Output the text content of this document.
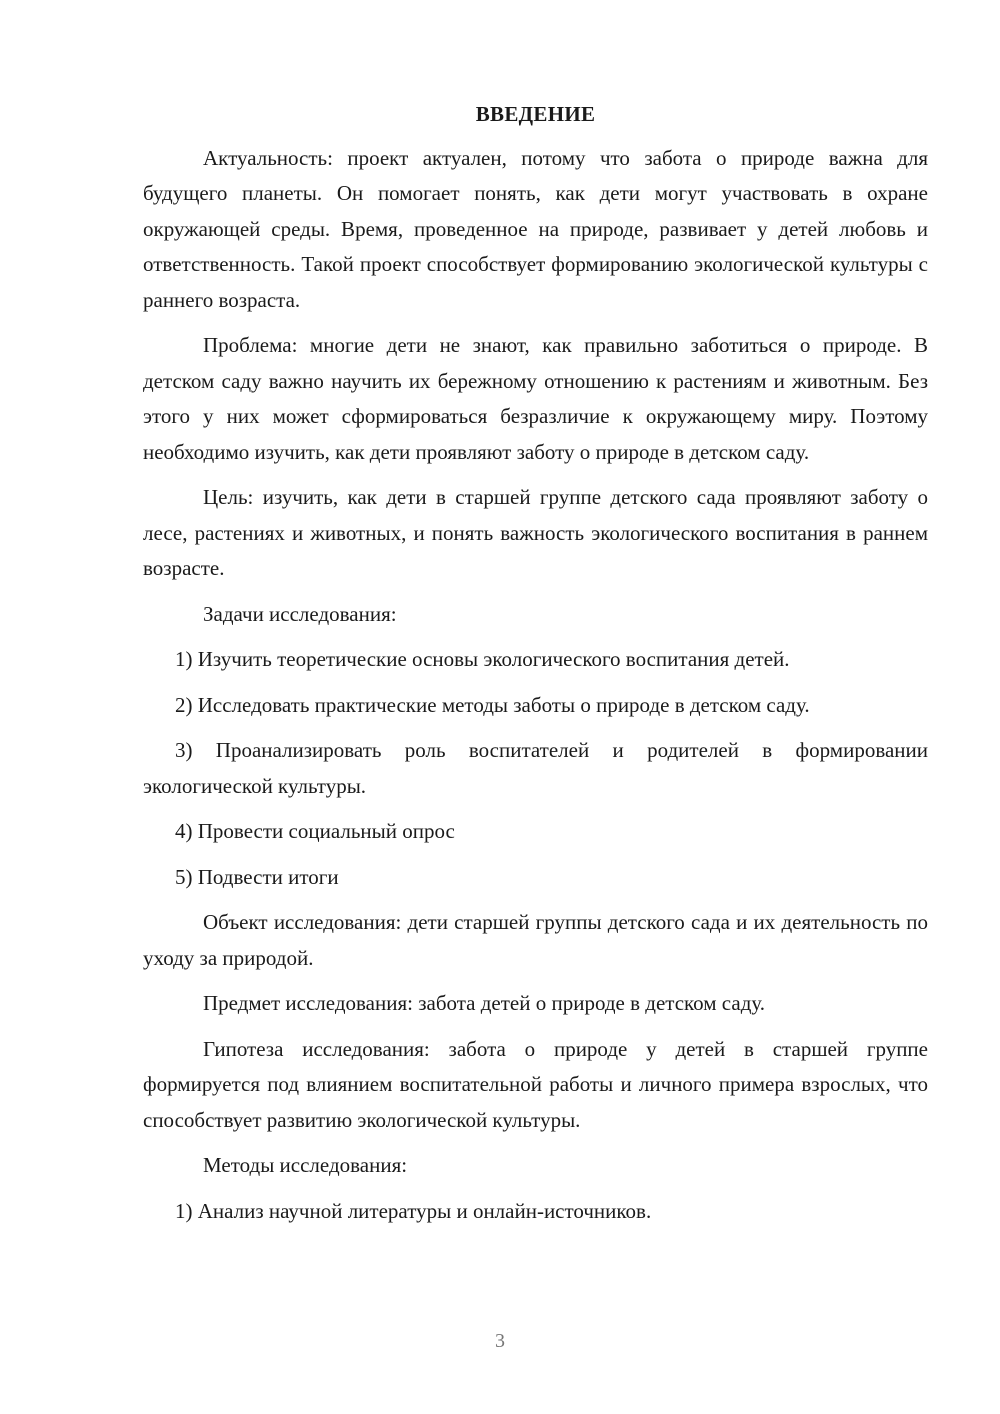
ВВЕДЕНИЕ

Актуальность: проект актуален, потому что забота о природе важна для будущего планеты. Он помогает понять, как дети могут участвовать в охране окружающей среды. Время, проведенное на природе, развивает у детей любовь и ответственность. Такой проект способствует формированию экологической культуры с раннего возраста.

Проблема: многие дети не знают, как правильно заботиться о природе. В детском саду важно научить их бережному отношению к растениям и животным. Без этого у них может сформироваться безразличие к окружающему миру. Поэтому необходимо изучить, как дети проявляют заботу о природе в детском саду.

Цель: изучить, как дети в старшей группе детского сада проявляют заботу о лесе, растениях и животных, и понять важность экологического воспитания в раннем возрасте.

Задачи исследования:

1) Изучить теоретические основы экологического воспитания детей.

2) Исследовать практические методы заботы о природе в детском саду.

3) Проанализировать роль воспитателей и родителей в формировании экологической культуры.

4) Провести социальный опрос

5) Подвести итоги

Объект исследования: дети старшей группы детского сада и их деятельность по уходу за природой.

Предмет исследования: забота детей о природе в детском саду.

Гипотеза исследования: забота о природе у детей в старшей группе формируется под влиянием воспитательной работы и личного примера взрослых, что способствует развитию экологической культуры.

Методы исследования:

1) Анализ научной литературы и онлайн-источников.

3
